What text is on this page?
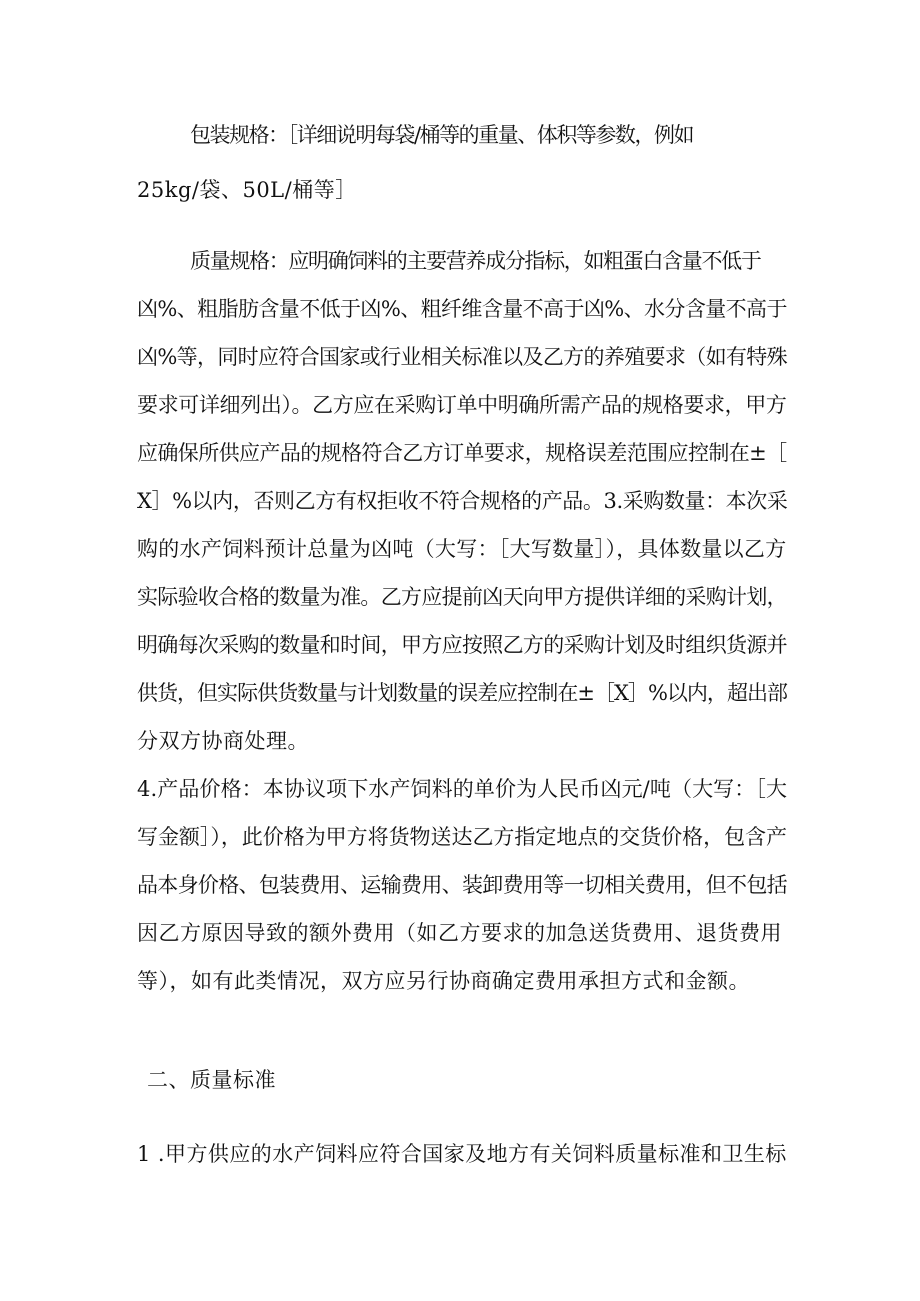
包装规格：［详细说明每袋/桶等的重量、体积等参数，例如
25kg/袋、50L/桶等］
质量规格：应明确饲料的主要营养成分指标，如粗蛋白含量不低于
凶%、粗脂肪含量不低于凶%、粗纤维含量不高于凶%、水分含量不高于
凶%等，同时应符合国家或行业相关标准以及乙方的养殖要求（如有特殊
要求可详细列出）。乙方应在采购订单中明确所需产品的规格要求，甲方
应确保所供应产品的规格符合乙方订单要求，规格误差范围应控制在±［
X］%以内，否则乙方有权拒收不符合规格的产品。3.采购数量：本次采
购的水产饲料预计总量为凶吨（大写：［大写数量］），具体数量以乙方
实际验收合格的数量为准。乙方应提前凶天向甲方提供详细的采购计划，
明确每次采购的数量和时间，甲方应按照乙方的采购计划及时组织货源并
供货，但实际供货数量与计划数量的误差应控制在±［X］%以内，超出部
分双方协商处理。
4.产品价格：本协议项下水产饲料的单价为人民币凶元/吨（大写：［大
写金额］），此价格为甲方将货物送达乙方指定地点的交货价格，包含产
品本身价格、包装费用、运输费用、装卸费用等一切相关费用，但不包括
因乙方原因导致的额外费用（如乙方要求的加急送货费用、退货费用
等），如有此类情况，双方应另行协商确定费用承担方式和金额。
二、质量标准
1 .甲方供应的水产饲料应符合国家及地方有关饲料质量标准和卫生标
